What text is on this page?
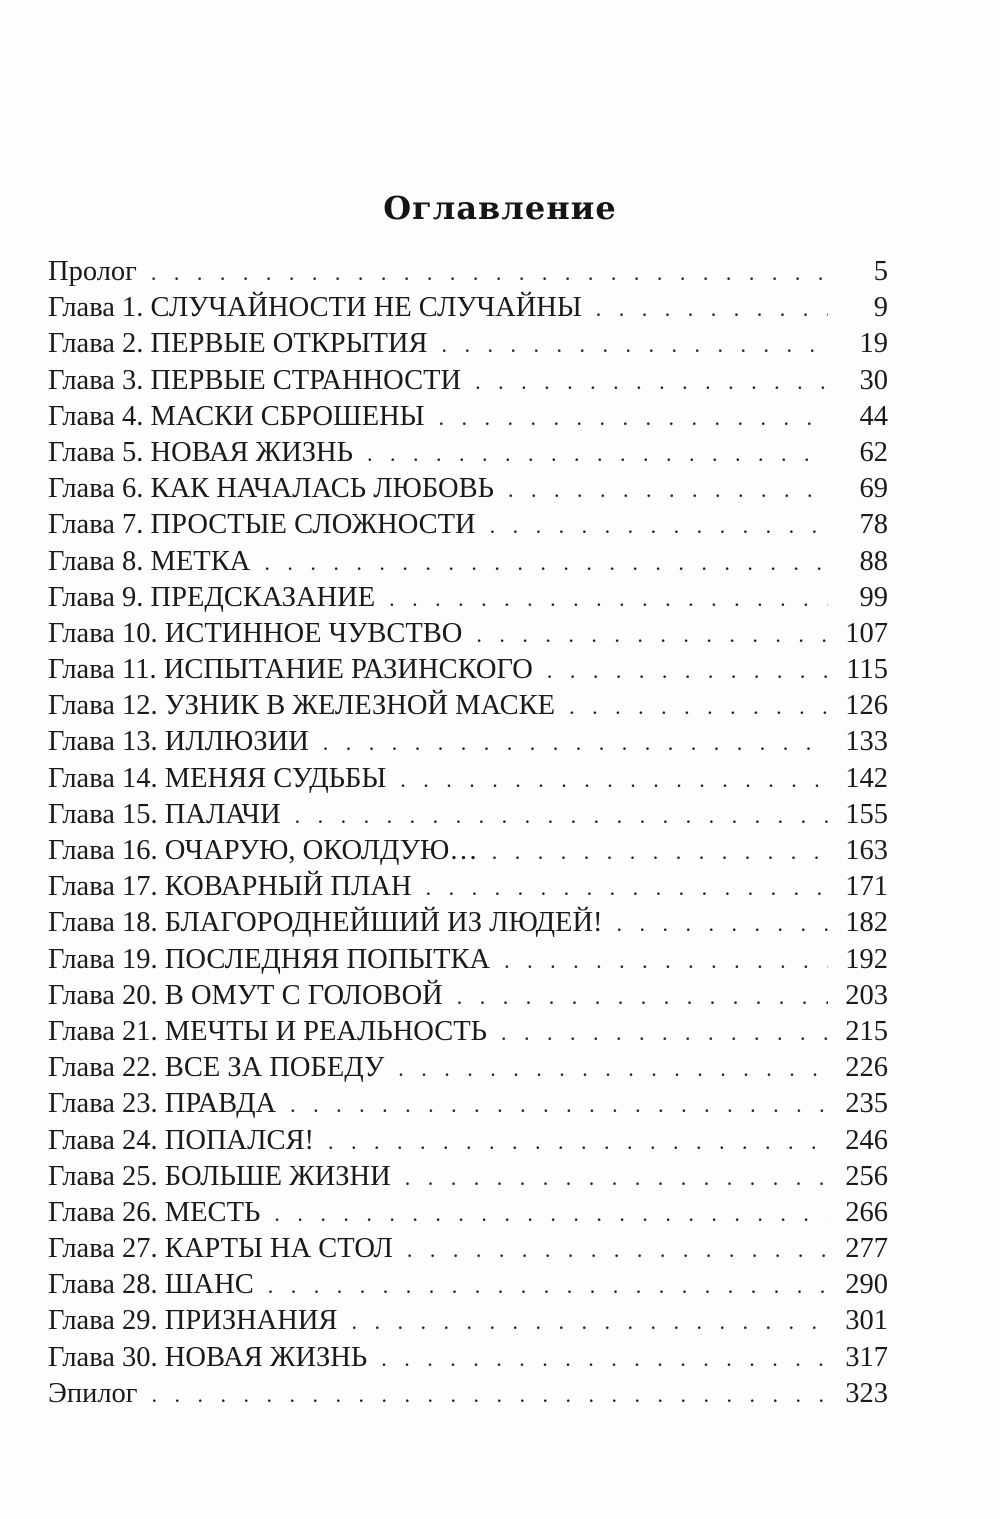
Оглавление
Пролог . . .	5
Глава 1. СЛУЧАЙНОСТИ НЕ СЛУЧАЙНЫ . . .	9
Глава 2. ПЕРВЫЕ ОТКРЫТИЯ . . .	19
Глава 3. ПЕРВЫЕ СТРАННОСТИ . . .	30
Глава 4. МАСКИ СБРОШЕНЫ . . .	44
Глава 5. НОВАЯ ЖИЗНЬ . . .	62
Глава 6. КАК НАЧАЛАСЬ ЛЮБОВЬ . . .	69
Глава 7. ПРОСТЫЕ СЛОЖНОСТИ . . .	78
Глава 8. МЕТКА . . .	88
Глава 9. ПРЕДСКАЗАНИЕ . . .	99
Глава 10. ИСТИННОЕ ЧУВСТВО . . .	107
Глава 11. ИСПЫТАНИЕ РАЗИНСКОГО . . .	115
Глава 12. УЗНИК В ЖЕЛЕЗНОЙ МАСКЕ . . .	126
Глава 13. ИЛЛЮЗИИ . . .	133
Глава 14. МЕНЯЯ СУДЬБЫ . . .	142
Глава 15. ПАЛАЧИ . . .	155
Глава 16. ОЧАРУЮ, ОКОЛДУЮ… . . .	163
Глава 17. КОВАРНЫЙ ПЛАН . . .	171
Глава 18. БЛАГОРОДНЕЙШИЙ ИЗ ЛЮДЕЙ! . . .	182
Глава 19. ПОСЛЕДНЯЯ ПОПЫТКА . . .	192
Глава 20. В ОМУТ С ГОЛОВОЙ . . .	203
Глава 21. МЕЧТЫ И РЕАЛЬНОСТЬ . . .	215
Глава 22. ВСЕ ЗА ПОБЕДУ . . .	226
Глава 23. ПРАВДА . . .	235
Глава 24. ПОПАЛСЯ! . . .	246
Глава 25. БОЛЬШЕ ЖИЗНИ . . .	256
Глава 26. МЕСТЬ . . .	266
Глава 27. КАРТЫ НА СТОЛ . . .	277
Глава 28. ШАНС . . .	290
Глава 29. ПРИЗНАНИЯ . . .	301
Глава 30. НОВАЯ ЖИЗНЬ . . .	317
Эпилог . . .	323
